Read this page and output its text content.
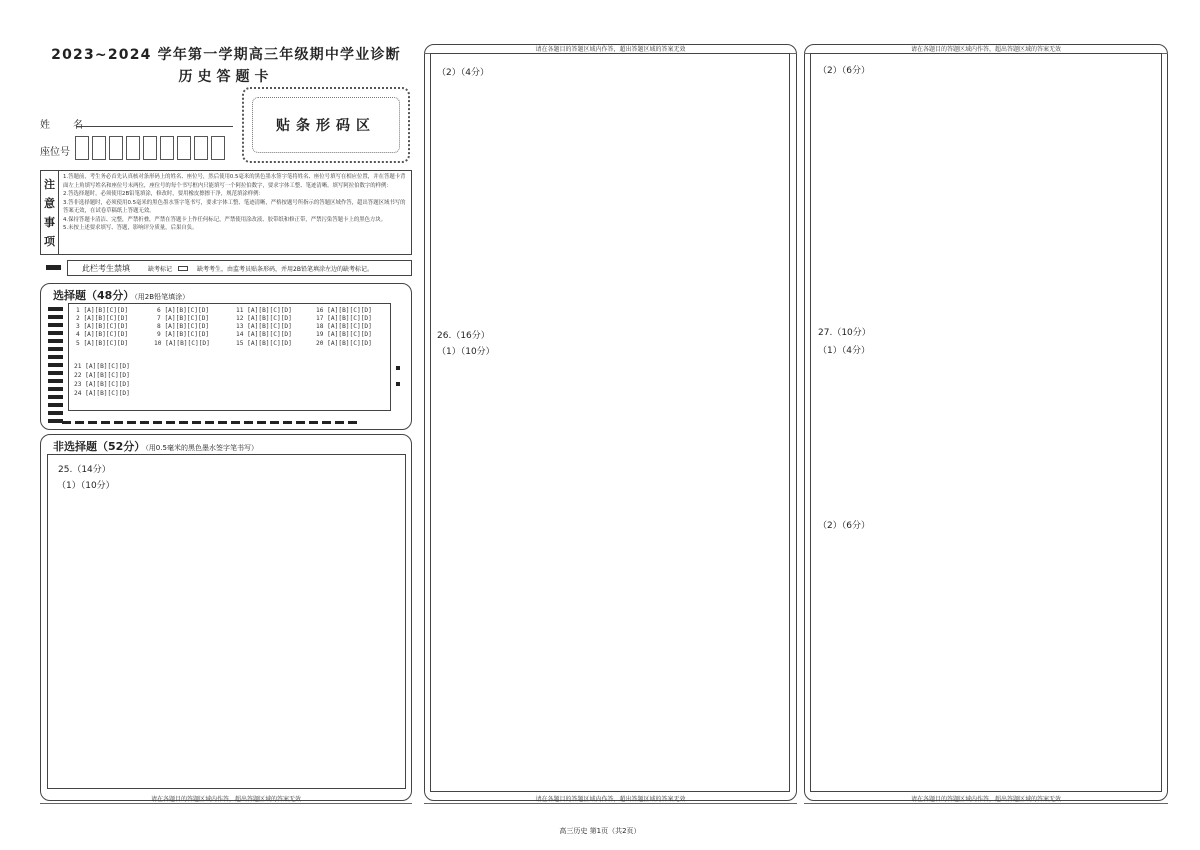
2023~2024 学年第一学期高三年级期中学业诊断
历史答题卡
贴条形码区
姓 名
座位号
注
意
事
项
1.答题前，考生务必首先认真核对条形码上的姓名、座位号，然后使用0.5毫米的黑色墨水签字笔将姓名、座位号填写在相应位置，并在答题卡背面左上角填写姓名和座位号末两位，座位号的每个书写框内只能填写一个阿拉伯数字，要求字体工整、笔迹清晰。填写阿拉伯数字的样例：
2.答选择题时，必须使用2B铅笔填涂，修改时，要用橡皮擦擦干净，规范填涂样例：
3.答非选择题时，必须使用0.5毫米的黑色墨水签字笔书写，要求字体工整、笔迹清晰，严格按题号所指示的答题区域作答，超出答题区域书写的答案无效，在试卷草稿纸上答题无效。
4.保持答题卡清洁、完整，严禁折叠，严禁在答题卡上作任何标记，严禁使用涂改液、胶带纸和修正带，严禁污染答题卡上的黑色方块。
5.未按上述要求填写、答题，影响评分质量，后果自负。
此栏考生禁填	缺考标记	缺考考生，由监考员贴条形码，并用2B铅笔填涂左边的缺考标记。
选择题（48分）（用2B铅笔填涂）
1 [A][B][C][D]
2 [A][B][C][D]
3 [A][B][C][D]
4 [A][B][C][D]
5 [A][B][C][D]
6 [A][B][C][D]
7 [A][B][C][D]
8 [A][B][C][D]
9 [A][B][C][D]
10 [A][B][C][D]
11 [A][B][C][D]
12 [A][B][C][D]
13 [A][B][C][D]
14 [A][B][C][D]
15 [A][B][C][D]
16 [A][B][C][D]
17 [A][B][C][D]
18 [A][B][C][D]
19 [A][B][C][D]
20 [A][B][C][D]
21 [A][B][C][D]
22 [A][B][C][D]
23 [A][B][C][D]
24 [A][B][C][D]
非选择题（52分）（用0.5毫米的黑色墨水签字笔书写）
25.（14分）
（1）（10分）
请在各题目的答题区域内作答，超出答题区域的答案无效
请在各题目的答题区域内作答，超出答题区域的答案无效
（2）（4分）
26.（16分）
（1）（10分）
请在各题目的答题区域内作答，超出答题区域的答案无效
请在各题目的答题区域内作答，超出答题区域的答案无效
（2）（6分）
27.（10分）
（1）（4分）
（2）（6分）
请在各题目的答题区域内作答，超出答题区域的答案无效
高三历史 第1页（共2页）
